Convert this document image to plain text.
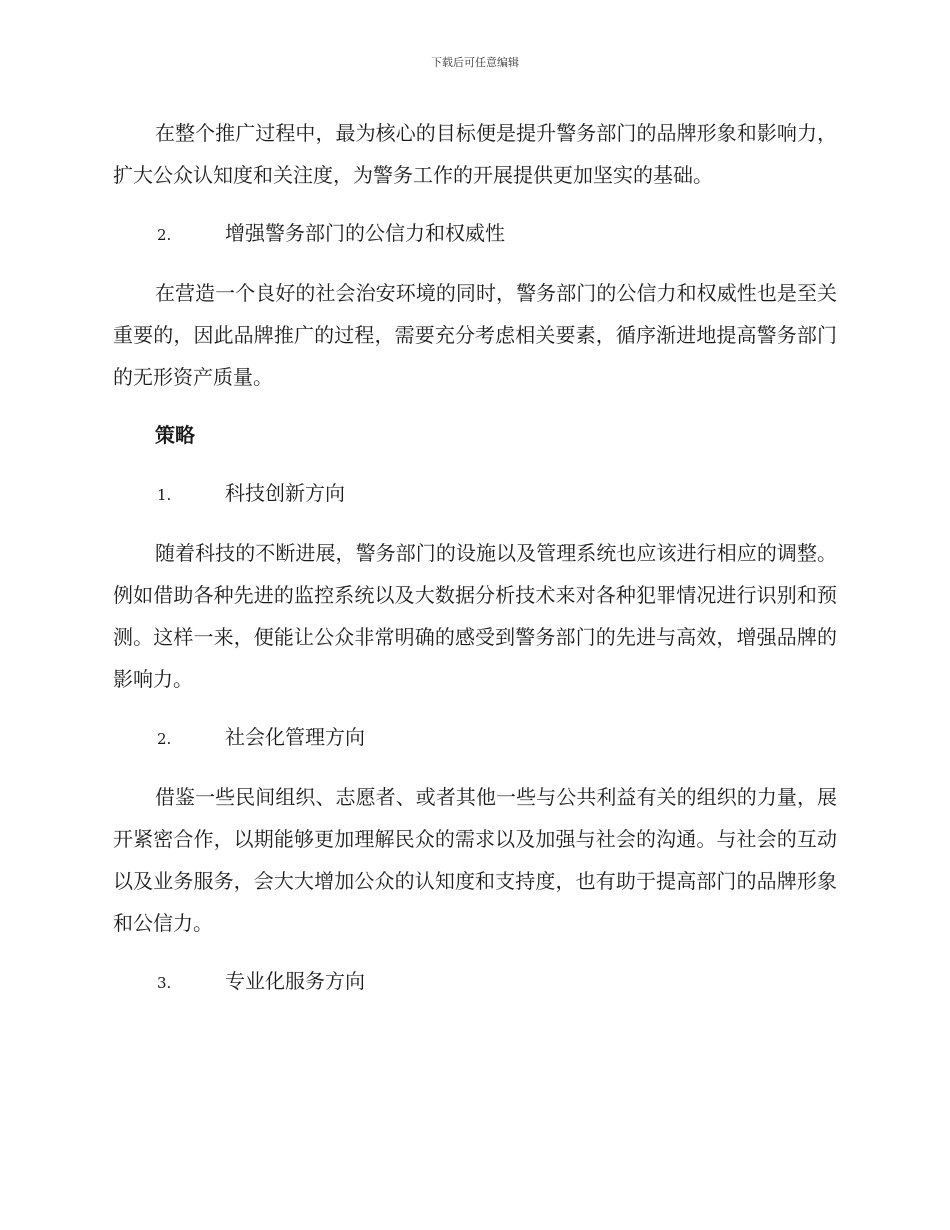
下载后可任意编辑

在整个推广过程中，最为核心的目标便是提升警务部门的品牌形象和影响力，扩大公众认知度和关注度，为警务工作的开展提供更加坚实的基础。

2.	增强警务部门的公信力和权威性

在营造一个良好的社会治安环境的同时，警务部门的公信力和权威性也是至关重要的，因此品牌推广的过程，需要充分考虑相关要素，循序渐进地提高警务部门的无形资产质量。

策略

1.	科技创新方向

随着科技的不断进展，警务部门的设施以及管理系统也应该进行相应的调整。例如借助各种先进的监控系统以及大数据分析技术来对各种犯罪情况进行识别和预测。这样一来，便能让公众非常明确的感受到警务部门的先进与高效，增强品牌的影响力。

2.	社会化管理方向

借鉴一些民间组织、志愿者、或者其他一些与公共利益有关的组织的力量，展开紧密合作，以期能够更加理解民众的需求以及加强与社会的沟通。与社会的互动以及业务服务，会大大增加公众的认知度和支持度，也有助于提高部门的品牌形象和公信力。

3.	专业化服务方向
